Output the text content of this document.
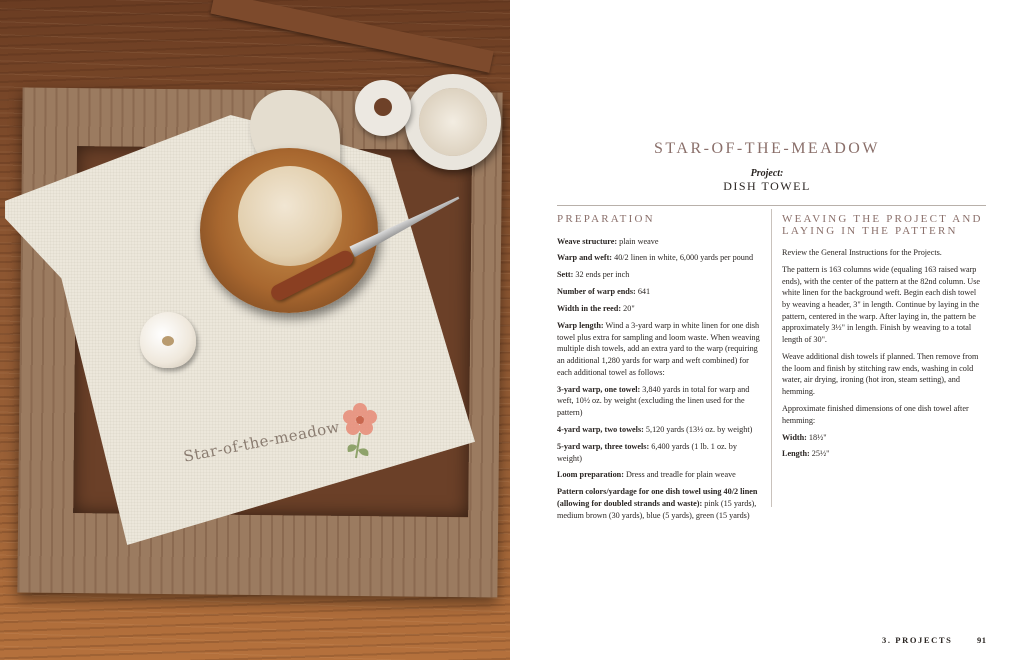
Star-of-the-meadow
STAR-OF-THE-MEADOW
Project:
DISH TOWEL
PREPARATION

Weave structure: plain weave

Warp and weft: 40/2 linen in white, 6,000 yards per pound

Sett: 32 ends per inch

Number of warp ends: 641

Width in the reed: 20"

Warp length: Wind a 3-yard warp in white linen for one dish towel plus extra for sampling and loom waste. When weaving multiple dish towels, add an extra yard to the warp (requiring an additional 1,280 yards for warp and weft combined) for each additional towel as follows:

3-yard warp, one towel: 3,840 yards in total for warp and weft, 10½ oz. by weight (excluding the linen used for the pattern)

4-yard warp, two towels: 5,120 yards (13½ oz. by weight)

5-yard warp, three towels: 6,400 yards (1 lb. 1 oz. by weight)

Loom preparation: Dress and treadle for plain weave

Pattern colors/yardage for one dish towel using 40/2 linen (allowing for doubled strands and waste): pink (15 yards), medium brown (30 yards), blue (5 yards), green (15 yards)

WEAVING THE PROJECT AND LAYING IN THE PATTERN

Review the General Instructions for the Projects.

The pattern is 163 columns wide (equaling 163 raised warp ends), with the center of the pattern at the 82nd column. Use white linen for the background weft. Begin each dish towel by weaving a header, 3" in length. Continue by laying in the pattern, centered in the warp. After laying in, the pattern be approximately 3½" in length. Finish by weaving to a total length of 30".

Weave additional dish towels if planned. Then remove from the loom and finish by stitching raw ends, washing in cold water, air drying, ironing (hot iron, steam setting), and hemming.

Approximate finished dimensions of one dish towel after hemming:

Width: 18½"

Length: 25½"

3. PROJECTS	91
